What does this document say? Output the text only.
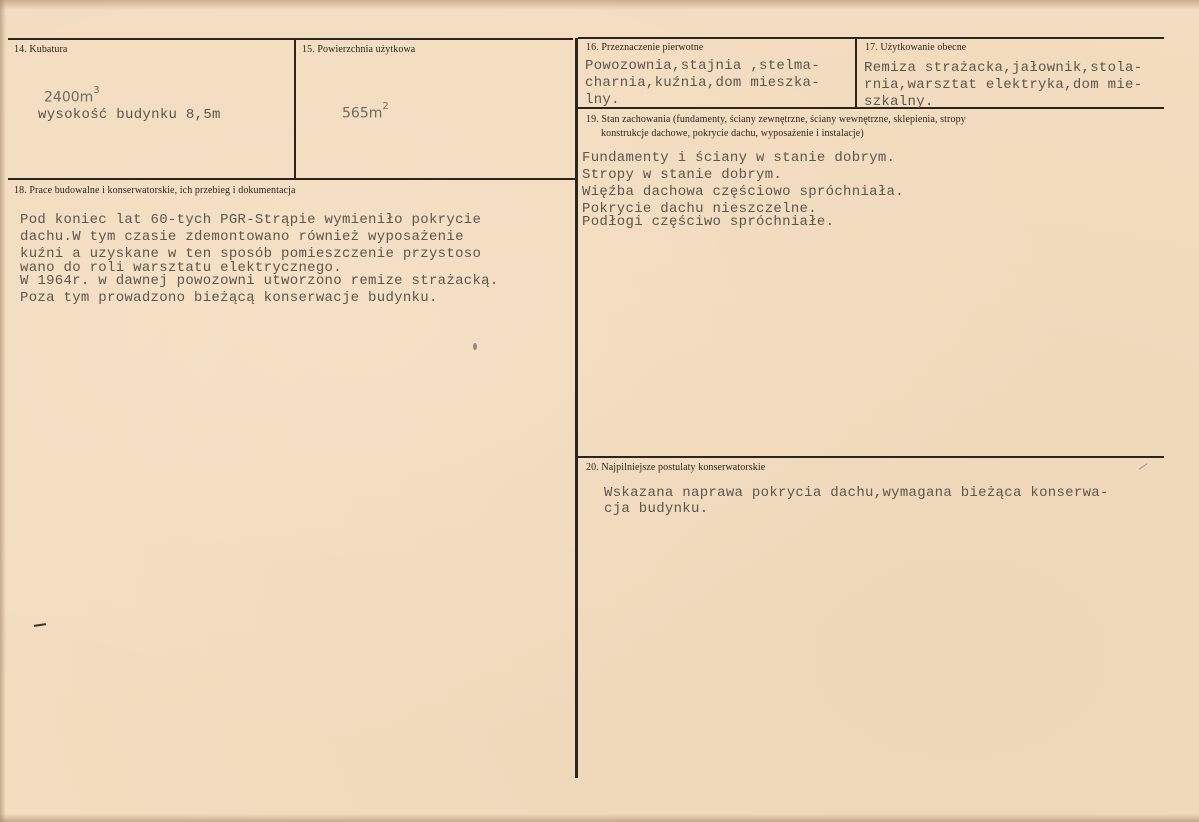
14. Kubatura
$2400m^3$
wysokość budynku 8,5m
15. Powierzchnia użytkowa
$565m^2$
16. Przeznaczenie pierwotne
Powozownia,stajnia ,stelma-
charnia,kuźnia,dom mieszka-
lny.
17. Użytkowanie obecne
Remiza strażacka,jałownik,stola-
rnia,warsztat elektryka,dom mie-
szkalny.
19. Stan zachowania (fundamenty, ściany zewnętrzne, ściany wewnętrzne, sklepienia, stropy
konstrukcje dachowe, pokrycie dachu, wyposażenie i instalacje)
Fundamenty i ściany w stanie dobrym.
Stropy w stanie dobrym.
Więźba dachowa częściowo spróchniała.
Pokrycie dachu nieszczelne.
Podłogi częściwo spróchniałe.
18. Prace budowalne i konserwatorskie, ich przebieg i dokumentacja
Pod koniec lat 60-tych PGR-Strąpie wymieniło pokrycie
dachu.W tym czasie zdemontowano również wyposażenie
kuźni a uzyskane w ten sposób pomieszczenie przystoso
wano do roli warsztatu elektrycznego.
W 1964r. w dawnej powozowni utworzono remize strażacką.
Poza tym prowadzono bieżącą konserwacje budynku.
20. Najpilniejsze postulaty konserwatorskie
Wskazana naprawa pokrycia dachu,wymagana bieżąca konserwa-
cja budynku.
